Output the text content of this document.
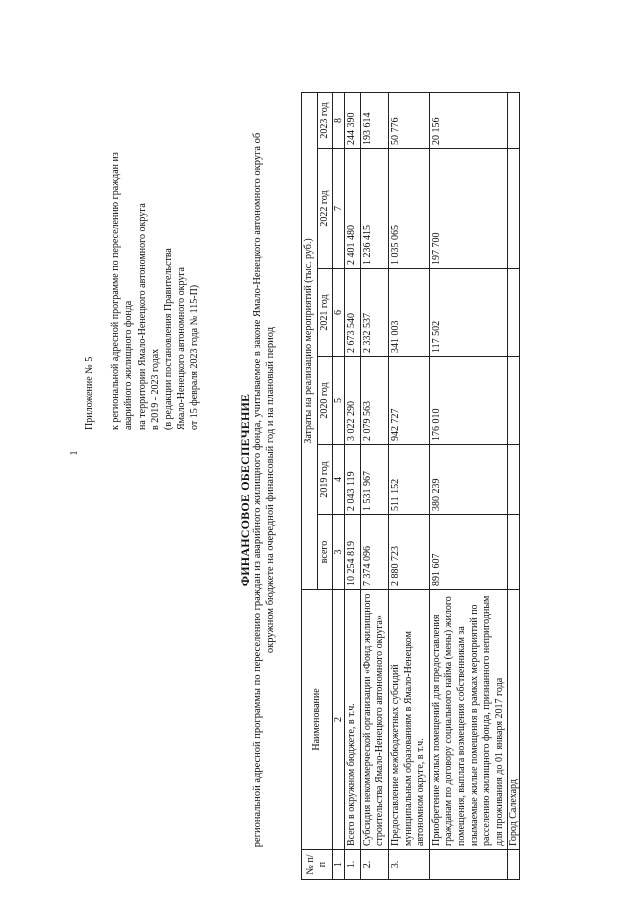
1
Приложение № 5 к региональной адресной программе по переселению граждан из аварийного жилищного фонда на территории Ямало-Ненецкого автономного округа в 2019 - 2023 годах (в редакции постановления Правительства Ямало-Ненецкого автономного округа от 15 февраля 2023 года № 115-П)
ФИНАНСОВОЕ ОБЕСПЕЧЕНИЕ региональной адресной программы по переселению граждан из аварийного жилищного фонда, учитываемое в законе Ямало-Ненецкого автономного округа об окружном бюджете на очередной финансовый год и на плановый период
№ п/п	Наименование	Затраты на реализацию мероприятий (тыс. руб.)					
		всего	2019 год	2020 год	2021 год	2022 год	2023 год
1	2	3	4	5	6	7	8
1.	Всего в окружном бюджете, в т.ч.	10 254 819	2 043 119	3 022 290	2 673 540	2 401 480	244 390
2.	Субсидия некоммерческой организации «Фонд жилищного строительства Ямало-Ненецкого автономного округа»	7 374 096	1 531 967	2 079 563	2 332 537	1 236 415	193 614
3.	Предоставление межбюджетных субсидий муниципальным образованиям в Ямало-Ненецком автономном округе, в т.ч.	2 880 723	511 152	942 727	341 003	1 035 065	50 776
	Приобретение жилых помещений для предоставления гражданам по договору социального найма (мены) жилого помещения, выплата возмещения собственникам за изымаемые жилые помещения в рамках мероприятий по расселению жилищного фонда, признанного непригодным для проживания до 01 января 2017 года	891 607	380 239	176 010	117 502	197 700	20 156
	Город Салехард						
